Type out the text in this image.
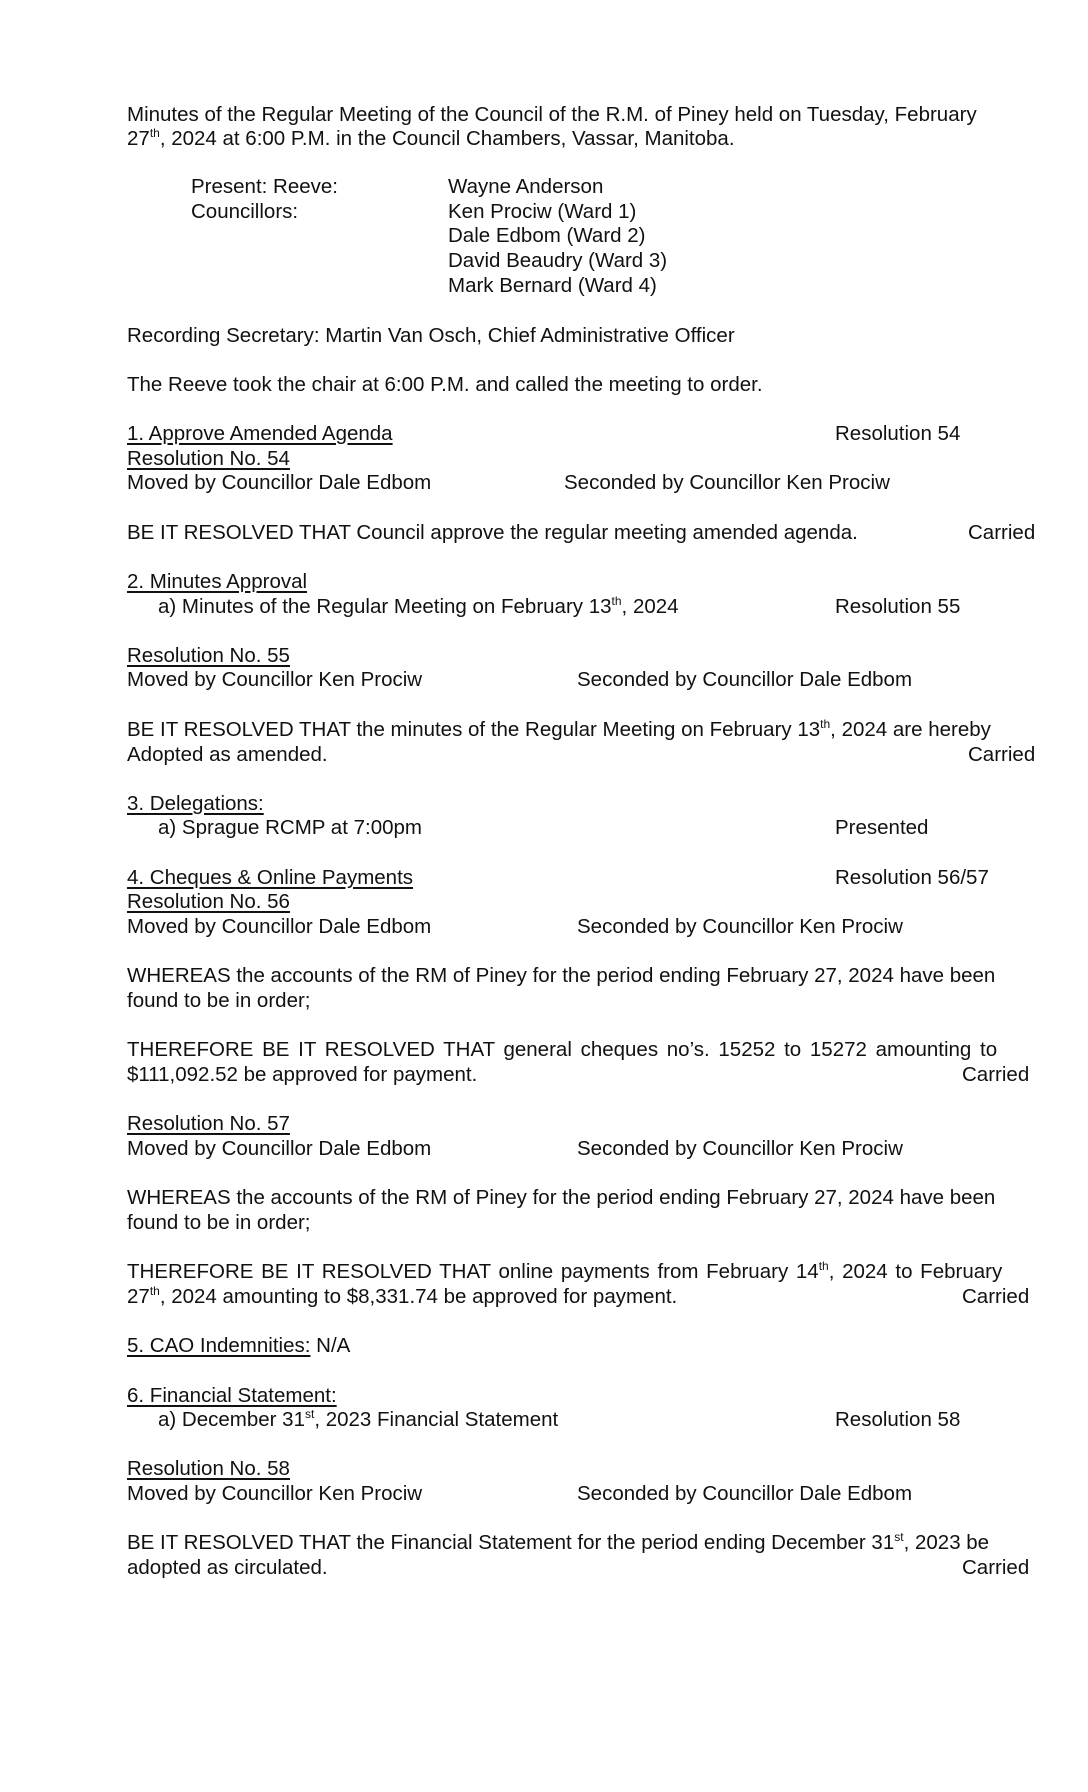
Minutes of the Regular Meeting of the Council of the R.M. of Piney held on Tuesday, February
27th, 2024 at 6:00 P.M. in the Council Chambers, Vassar, Manitoba.
Present: Reeve:	Wayne Anderson
Councillors:	Ken Prociw (Ward 1)
Dale Edbom (Ward 2)
David Beaudry (Ward 3)
Mark Bernard (Ward 4)
Recording Secretary: Martin Van Osch, Chief Administrative Officer
The Reeve took the chair at 6:00 P.M. and called the meeting to order.
1. Approve Amended Agenda	Resolution 54
Resolution No. 54
Moved by Councillor Dale Edbom	Seconded by Councillor Ken Prociw
BE IT RESOLVED THAT Council approve the regular meeting amended agenda.	Carried
2. Minutes Approval
a) Minutes of the Regular Meeting on February 13th, 2024	Resolution 55
Resolution No. 55
Moved by Councillor Ken Prociw	Seconded by Councillor Dale Edbom
BE IT RESOLVED THAT the minutes of the Regular Meeting on February 13th, 2024 are hereby
Adopted as amended.	Carried
3. Delegations:
a) Sprague RCMP at 7:00pm	Presented
4. Cheques & Online Payments	Resolution 56/57
Resolution No. 56
Moved by Councillor Dale Edbom	Seconded by Councillor Ken Prociw
WHEREAS the accounts of the RM of Piney for the period ending February 27, 2024 have been
found to be in order;
THEREFORE BE IT RESOLVED THAT general cheques no’s. 15252 to 15272 amounting to
$111,092.52 be approved for payment.	Carried
Resolution No. 57
Moved by Councillor Dale Edbom	Seconded by Councillor Ken Prociw
WHEREAS the accounts of the RM of Piney for the period ending February 27, 2024 have been
found to be in order;
THEREFORE BE IT RESOLVED THAT online payments from February 14th, 2024 to February
27th, 2024 amounting to $8,331.74 be approved for payment.	Carried
5. CAO Indemnities: N/A
6. Financial Statement:
a) December 31st, 2023 Financial Statement	Resolution 58
Resolution No. 58
Moved by Councillor Ken Prociw	Seconded by Councillor Dale Edbom
BE IT RESOLVED THAT the Financial Statement for the period ending December 31st, 2023 be
adopted as circulated.	Carried
